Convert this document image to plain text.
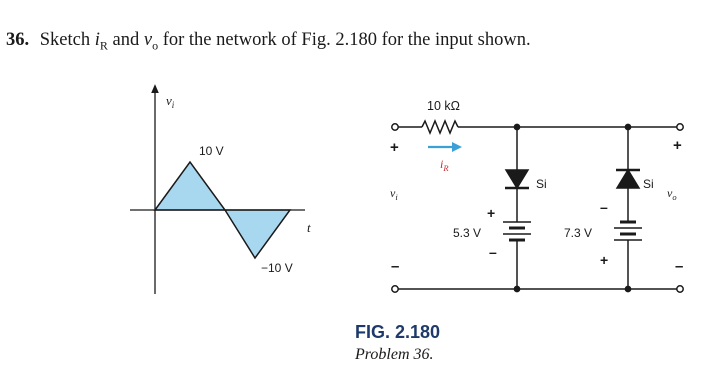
36. Sketch $i_R$ and $v_o$ for the network of Fig. 2.180 for the input shown.
$v_i$
t
10 V
−10 V
10 kΩ
$i_R$
+
$v_i$
–
Si
+
5.3 V
–
Si
–
7.3 V
+
+
$v_o$
–
FIG. 2.180
Problem 36.
